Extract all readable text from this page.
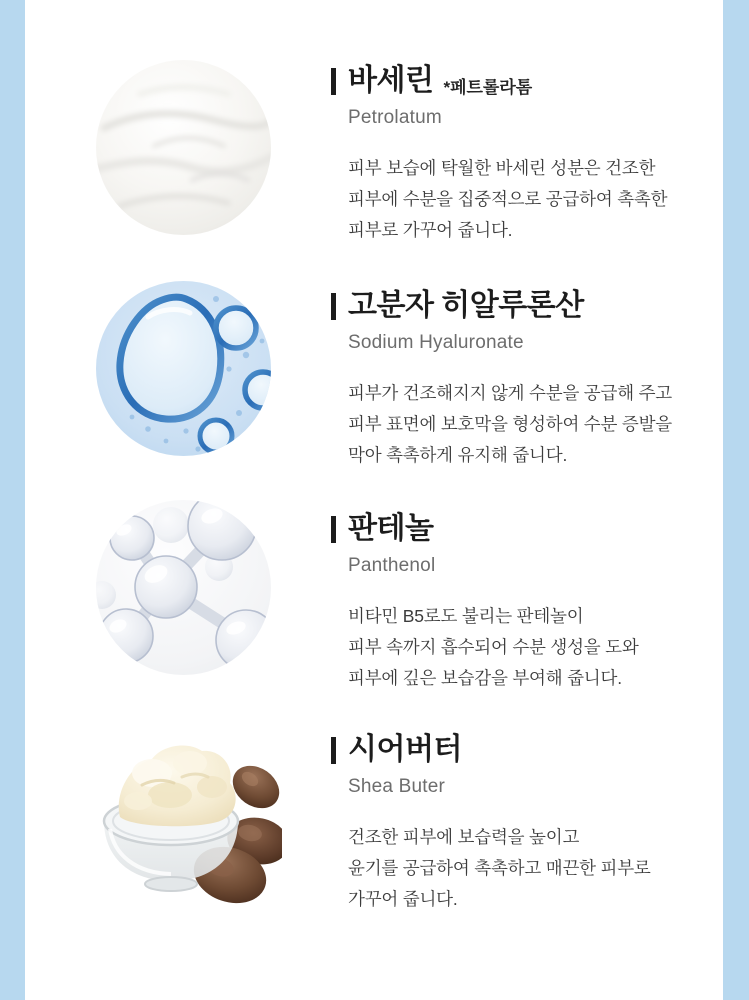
바세린 *페트롤라톰
Petrolatum
피부 보습에 탁월한 바세린 성분은 건조한
피부에 수분을 집중적으로 공급하여 촉촉한
피부로 가꾸어 줍니다.
고분자 히알루론산
Sodium Hyaluronate
피부가 건조해지지 않게 수분을 공급해 주고
피부 표면에 보호막을 형성하여 수분 증발을
막아 촉촉하게 유지해 줍니다.
판테놀
Panthenol
비타민 B5로도 불리는 판테놀이
피부 속까지 흡수되어 수분 생성을 도와
피부에 깊은 보습감을 부여해 줍니다.
시어버터
Shea Buter
건조한 피부에 보습력을 높이고
윤기를 공급하여 촉촉하고 매끈한 피부로
가꾸어 줍니다.
